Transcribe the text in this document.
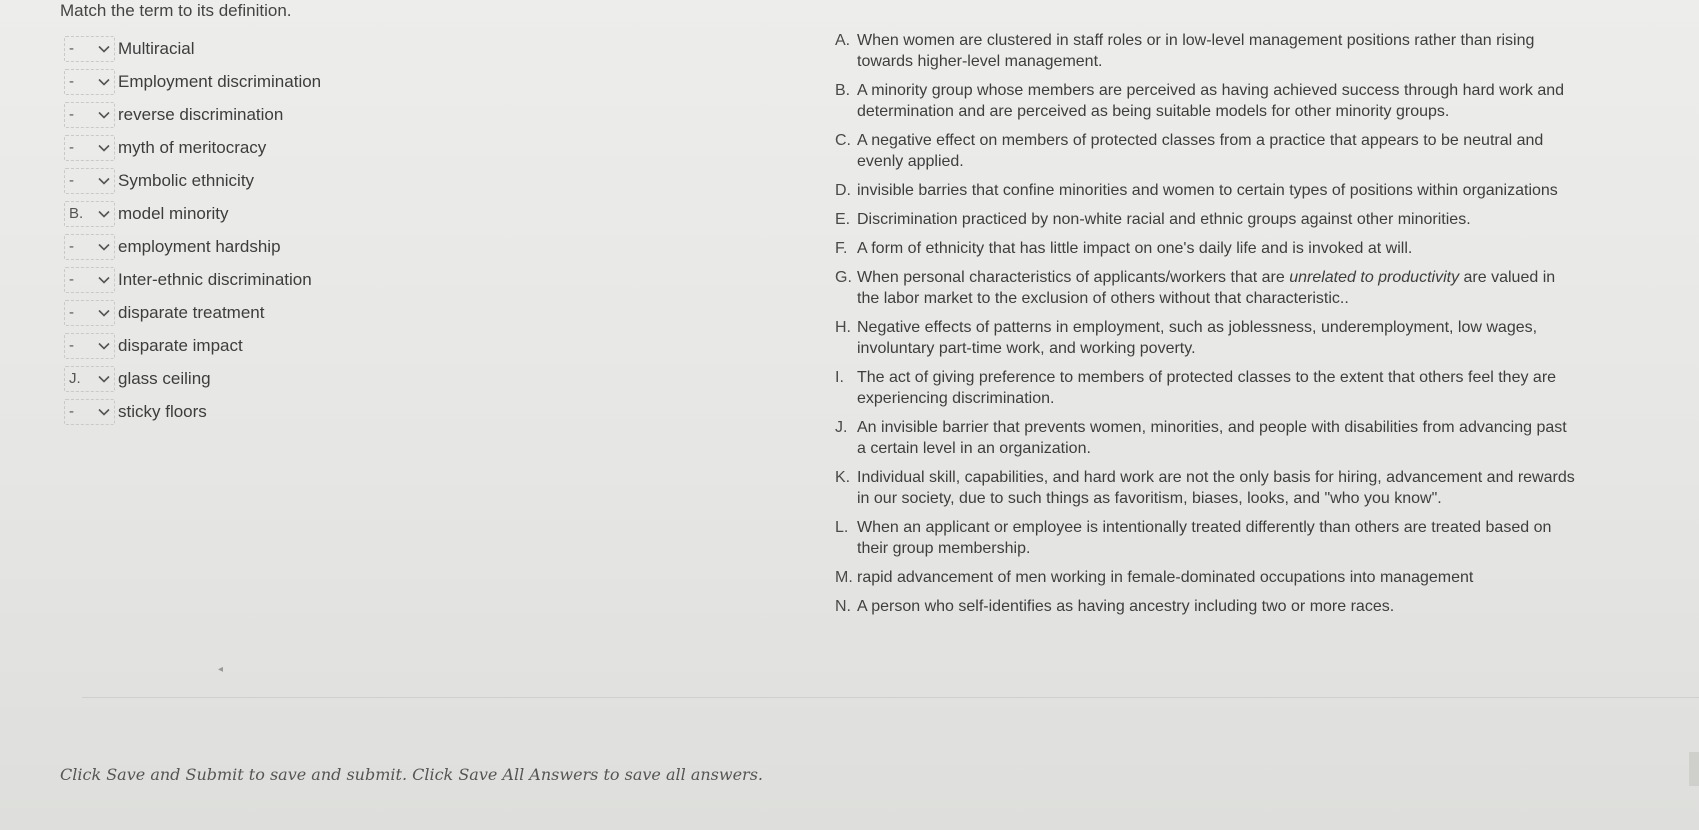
Match the term to its definition.
-	Multiracial
-	Employment discrimination
-	reverse discrimination
-	myth of meritocracy
-	Symbolic ethnicity
B.	model minority
-	employment hardship
-	Inter-ethnic discrimination
-	disparate treatment
-	disparate impact
J.	glass ceiling
-	sticky floors
A. When women are clustered in staff roles or in low-level management positions rather than rising towards higher-level management.
B. A minority group whose members are perceived as having achieved success through hard work and determination and are perceived as being suitable models for other minority groups.
C. A negative effect on members of protected classes from a practice that appears to be neutral and evenly applied.
D. invisible barries that confine minorities and women to certain types of positions within organizations
E. Discrimination practiced by non-white racial and ethnic groups against other minorities.
F. A form of ethnicity that has little impact on one's daily life and is invoked at will.
G. When personal characteristics of applicants/workers that are unrelated to productivity are valued in the labor market to the exclusion of others without that characteristic..
H. Negative effects of patterns in employment, such as joblessness, underemployment, low wages, involuntary part-time work, and working poverty.
I. The act of giving preference to members of protected classes to the extent that others feel they are experiencing discrimination.
J. An invisible barrier that prevents women, minorities, and people with disabilities from advancing past a certain level in an organization.
K. Individual skill, capabilities, and hard work are not the only basis for hiring, advancement and rewards in our society, due to such things as favoritism, biases, looks, and "who you know".
L. When an applicant or employee is intentionally treated differently than others are treated based on their group membership.
M. rapid advancement of men working in female-dominated occupations into management
N. A person who self-identifies as having ancestry including two or more races.
◂
Click Save and Submit to save and submit. Click Save All Answers to save all answers.
